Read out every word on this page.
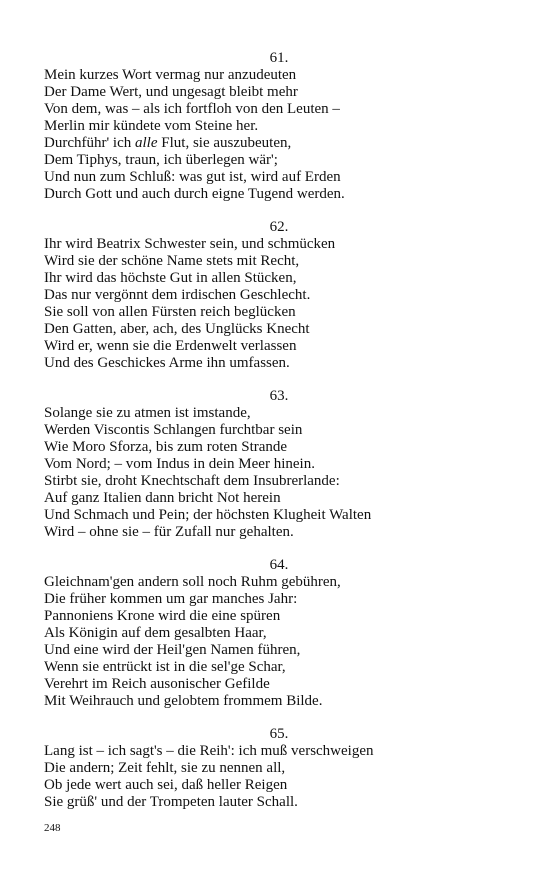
61.
Mein kurzes Wort vermag nur anzudeuten
Der Dame Wert, und ungesagt bleibt mehr
Von dem, was – als ich fortfloh von den Leuten –
Merlin mir kündete vom Steine her.
Durchführ' ich alle Flut, sie auszubeuten,
Dem Tiphys, traun, ich überlegen wär';
Und nun zum Schluß: was gut ist, wird auf Erden
Durch Gott und auch durch eigne Tugend werden.
62.
Ihr wird Beatrix Schwester sein, und schmücken
Wird sie der schöne Name stets mit Recht,
Ihr wird das höchste Gut in allen Stücken,
Das nur vergönnt dem irdischen Geschlecht.
Sie soll von allen Fürsten reich beglücken
Den Gatten, aber, ach, des Unglücks Knecht
Wird er, wenn sie die Erdenwelt verlassen
Und des Geschickes Arme ihn umfassen.
63.
Solange sie zu atmen ist imstande,
Werden Viscontis Schlangen furchtbar sein
Wie Moro Sforza, bis zum roten Strande
Vom Nord; – vom Indus in dein Meer hinein.
Stirbt sie, droht Knechtschaft dem Insubrerlande:
Auf ganz Italien dann bricht Not herein
Und Schmach und Pein; der höchsten Klugheit Walten
Wird – ohne sie – für Zufall nur gehalten.
64.
Gleichnam'gen andern soll noch Ruhm gebühren,
Die früher kommen um gar manches Jahr:
Pannoniens Krone wird die eine spüren
Als Königin auf dem gesalbten Haar,
Und eine wird der Heil'gen Namen führen,
Wenn sie entrückt ist in die sel'ge Schar,
Verehrt im Reich ausonischer Gefilde
Mit Weihrauch und gelobtem frommem Bilde.
65.
Lang ist – ich sagt's – die Reih': ich muß verschweigen
Die andern; Zeit fehlt, sie zu nennen all,
Ob jede wert auch sei, daß heller Reigen
Sie grüß' und der Trompeten lauter Schall.
248
